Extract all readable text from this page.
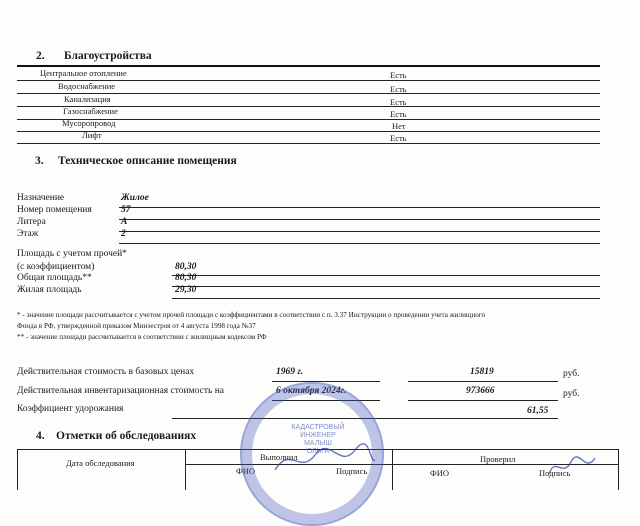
2. Благоустройства
Центральное отопление	Есть
Водоснабжение	Есть
Канализация	Есть
Газоснабжение	Есть
Мусоропровод	Нет
Лифт	Есть
3. Техническое описание помещения
Назначение	Жилое
Номер помещения	57
Литера	А
Этаж	2
Площадь с учетом прочей*
(с коэффициентом)	80,30
Общая площадь**	80,30
Жилая площадь	29,30
* - значение площади рассчитывается с учетом прочей площади с коэффициентами в соответствии с п. 3.37 Инструкции о проведении учета жилищного
Фонда в РФ, утвержденной приказом Минэестроя от 4 августа 1998 года №37
** - значение площади рассчитывается в соответствии с жилищным кодексом РФ
Действительная стоимость в базовых ценах	1969 г.	15819	руб.
Действительная инвентаризационная стоимость на	6 октября 2024г.	973666	руб.
Коэффициент удорожания	61,55
4. Отметки об обследованиях
Дата обследования
Выполнил	Проверил
ФИО	Подпись	ФИО	Подпись
КАДАСТРОВЫЙ
ИНЖЕНЕР
МАЛЫШ
ОЛЬГА
